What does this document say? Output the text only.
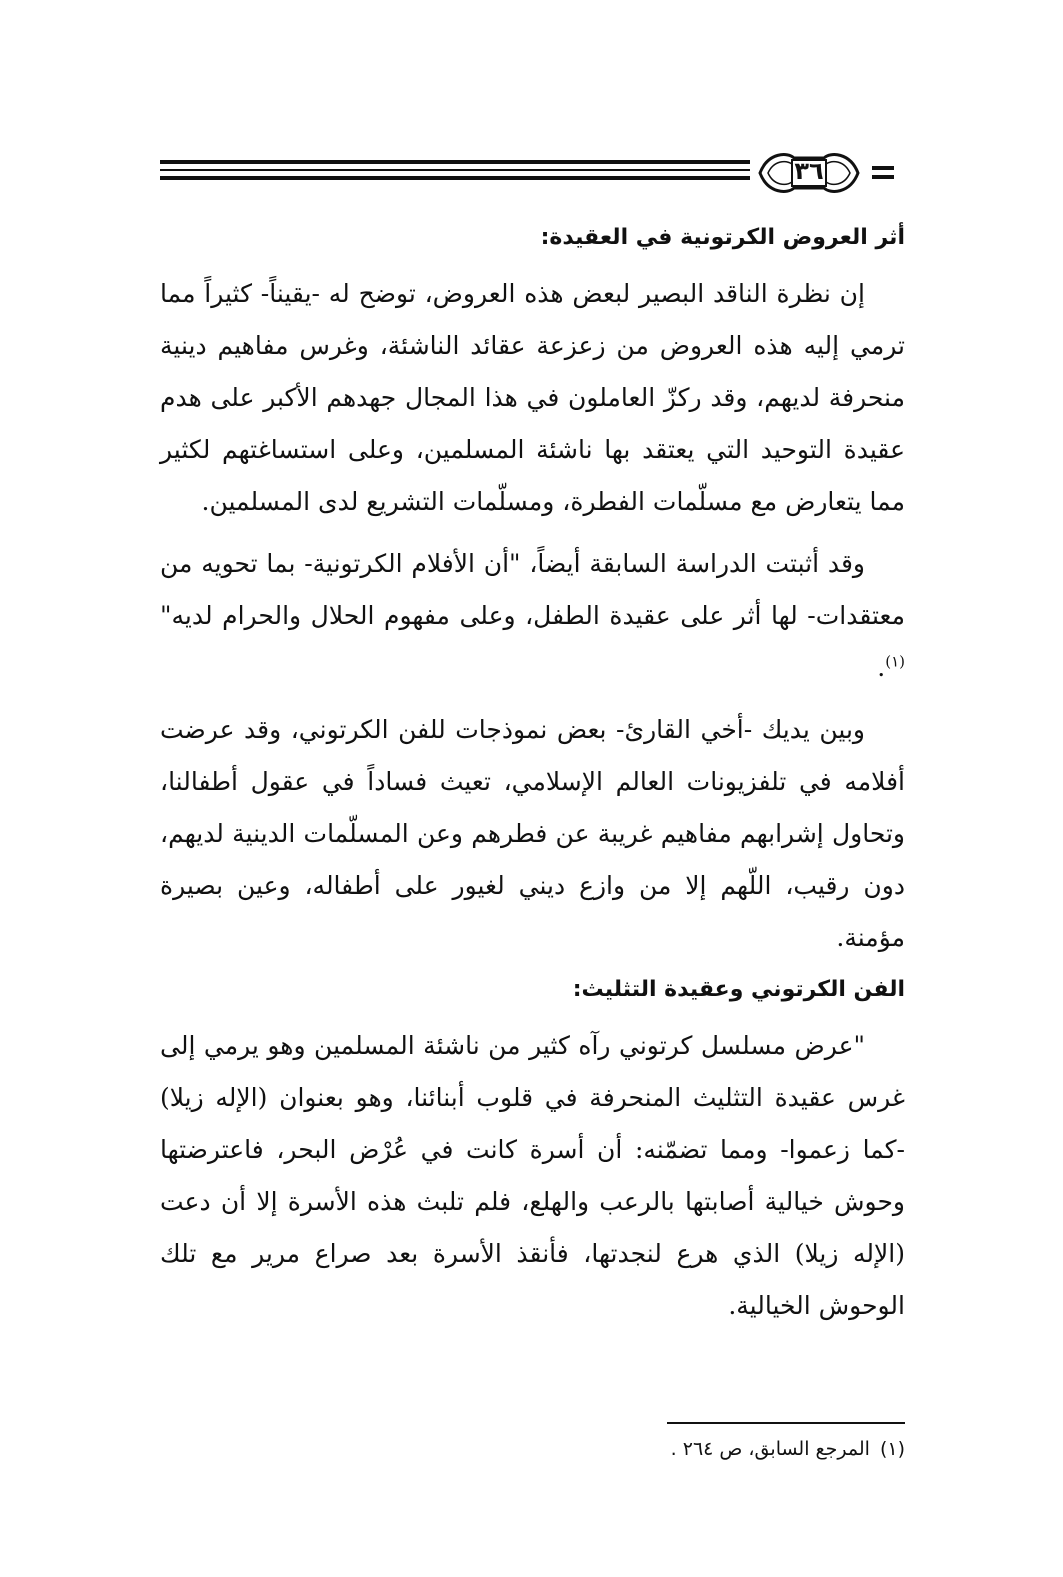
٣٦
أثر العروض الكرتونية في العقيدة:

إن نظرة الناقد البصير لبعض هذه العروض، توضح له -يقيناً- كثيراً مما ترمي إليه هذه العروض من زعزعة عقائد الناشئة، وغرس مفاهيم دينية منحرفة لديهم، وقد ركزّ العاملون في هذا المجال جهدهم الأكبر على هدم عقيدة التوحيد التي يعتقد بها ناشئة المسلمين، وعلى استساغتهم لكثير مما يتعارض مع مسلّمات الفطرة، ومسلّمات التشريع لدى المسلمين.

وقد أثبتت الدراسة السابقة أيضاً، "أن الأفلام الكرتونية- بما تحويه من معتقدات- لها أثر على عقيدة الطفل، وعلى مفهوم الحلال والحرام لديه"$^{(١)}$.

وبين يديك -أخي القارئ- بعض نموذجات للفن الكرتوني، وقد عرضت أفلامه في تلفزيونات العالم الإسلامي، تعيث فساداً في عقول أطفالنا، وتحاول إشرابهم مفاهيم غريبة عن فطرهم وعن المسلّمات الدينية لديهم، دون رقيب، اللّهم إلا من وازع ديني لغيور على أطفاله، وعين بصيرة مؤمنة.

الفن الكرتوني وعقيدة التثليث:

"عرض مسلسل كرتوني رآه كثير من ناشئة المسلمين وهو يرمي إلى غرس عقيدة التثليث المنحرفة في قلوب أبنائنا، وهو بعنوان (الإله زيلا) -كما زعموا- ومما تضمّنه: أن أسرة كانت في عُرْض البحر، فاعترضتها وحوش خيالية أصابتها بالرعب والهلع، فلم تلبث هذه الأسرة إلا أن دعت (الإله زيلا) الذي هرع لنجدتها، فأنقذ الأسرة بعد صراع مرير مع تلك الوحوش الخيالية.

(١)المرجع السابق، ص ٢٦٤ .
